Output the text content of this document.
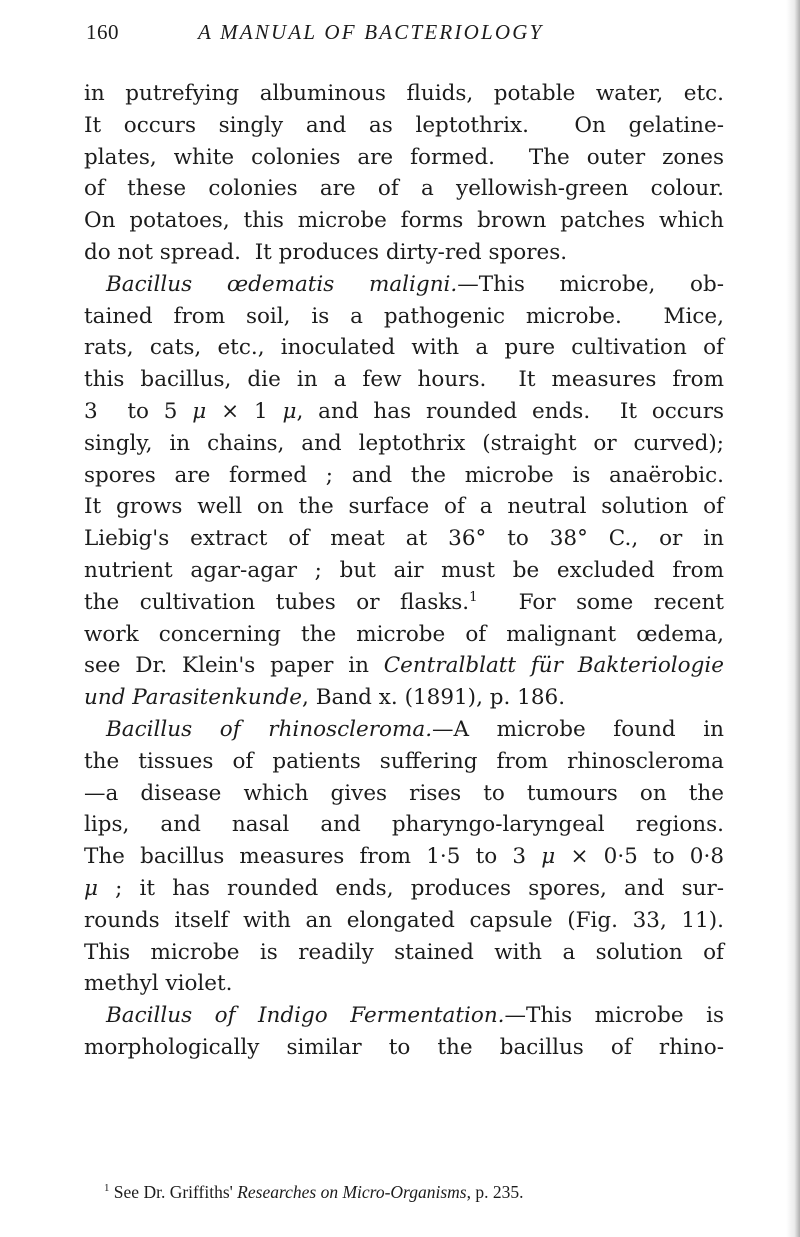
160	A MANUAL OF BACTERIOLOGY
in putrefying albuminous fluids, potable water, etc.
It occurs singly and as leptothrix.  On gelatine-
plates, white colonies are formed.  The outer zones
of these colonies are of a yellowish-green colour.
On potatoes, this microbe forms brown patches which
do not spread.  It produces dirty-red spores.
Bacillus œdematis maligni.—This microbe, ob-
tained from soil, is a pathogenic microbe.  Mice,
rats, cats, etc., inoculated with a pure cultivation of
this bacillus, die in a few hours.  It measures from
3  to 5 μ × 1 μ, and has rounded ends.  It occurs
singly, in chains, and leptothrix (straight or curved);
spores are formed ; and the microbe is anaërobic.
It grows well on the surface of a neutral solution of
Liebig's extract of meat at 36° to 38° C., or in
nutrient agar-agar ; but air must be excluded from
the cultivation tubes or flasks.$^1$  For some recent
work concerning the microbe of malignant œdema,
see Dr. Klein's paper in Centralblatt für Bakteriologie
und Parasitenkunde, Band x. (1891), p. 186.
Bacillus of rhinoscleroma.—A microbe found in
the tissues of patients suffering from rhinoscleroma
—a disease which gives rises to tumours on the
lips, and nasal and pharyngo-laryngeal regions.
The bacillus measures from 1·5 to 3 μ × 0·5 to 0·8
μ ; it has rounded ends, produces spores, and sur-
rounds itself with an elongated capsule (Fig. 33, 11).
This microbe is readily stained with a solution of
methyl violet.
Bacillus of Indigo Fermentation.—This microbe is
morphologically similar to the bacillus of rhino-
$^1$ See Dr. Griffiths' Researches on Micro-Organisms, p. 235.
